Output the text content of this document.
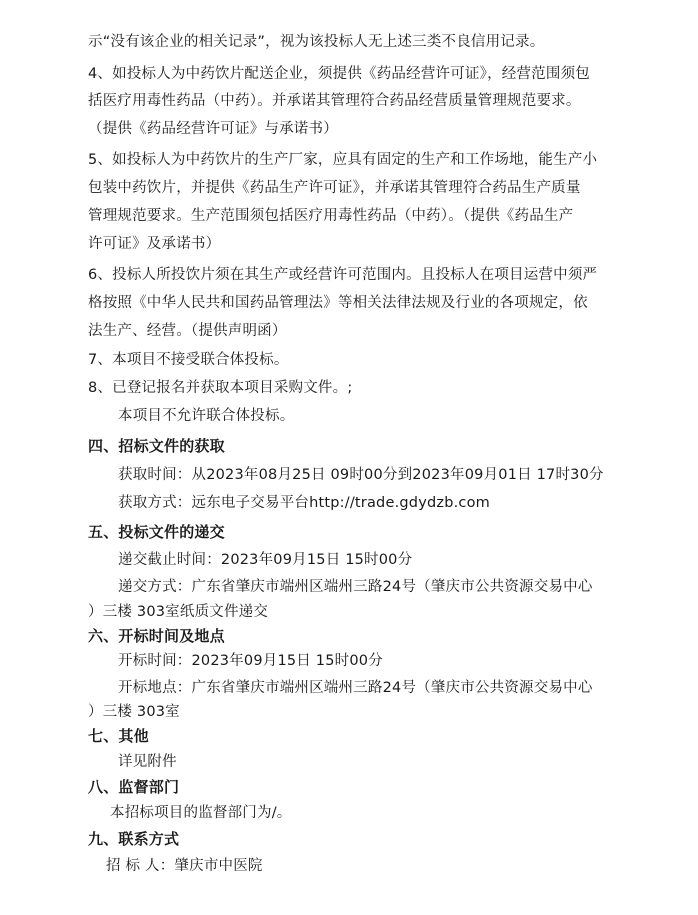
示“没有该企业的相关记录”，视为该投标人无上述三类不良信用记录。
4、如投标人为中药饮片配送企业，须提供《药品经营许可证》，经营范围须包
括医疗用毒性药品（中药）。并承诺其管理符合药品经营质量管理规范要求。
（提供《药品经营许可证》与承诺书）
5、如投标人为中药饮片的生产厂家，应具有固定的生产和工作场地，能生产小
包装中药饮片，并提供《药品生产许可证》，并承诺其管理符合药品生产质量
管理规范要求。生产范围须包括医疗用毒性药品（中药）。（提供《药品生产
许可证》及承诺书）
6、投标人所投饮片须在其生产或经营许可范围内。且投标人在项目运营中须严
格按照《中华人民共和国药品管理法》等相关法律法规及行业的各项规定，依
法生产、经营。（提供声明函）
7、本项目不接受联合体投标。
8、已登记报名并获取本项目采购文件。;
本项目不允许联合体投标。
四、招标文件的获取
获取时间：从2023年08月25日 09时00分到2023年09月01日 17时30分
获取方式：远东电子交易平台http://trade.gdydzb.com
五、投标文件的递交
递交截止时间：2023年09月15日 15时00分
递交方式：广东省肇庆市端州区端州三路24号（肇庆市公共资源交易中心
）三楼 303室纸质文件递交
六、开标时间及地点
开标时间：2023年09月15日 15时00分
开标地点：广东省肇庆市端州区端州三路24号（肇庆市公共资源交易中心
）三楼 303室
七、其他
详见附件
八、监督部门
本招标项目的监督部门为/。
九、联系方式
招 标 人：肇庆市中医院
